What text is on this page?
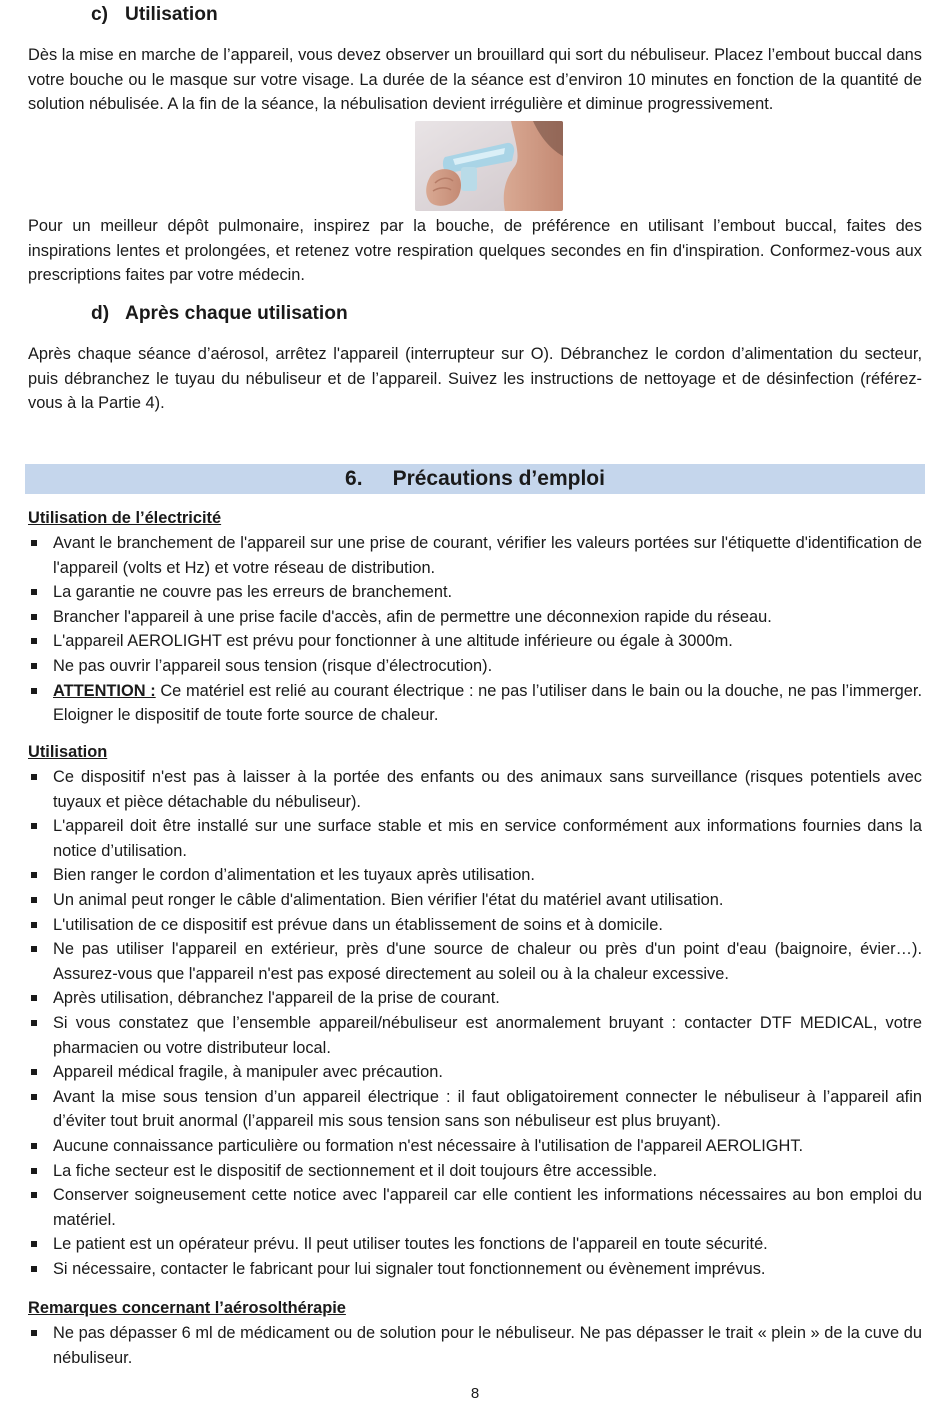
c) Utilisation

Dès la mise en marche de l’appareil, vous devez observer un brouillard qui sort du nébuliseur. Placez l’embout buccal dans votre bouche ou le masque sur votre visage. La durée de la séance est d’environ 10 minutes en fonction de la quantité de solution nébulisée. A la fin de la séance, la nébulisation devient irrégulière et diminue progressivement.

Pour un meilleur dépôt pulmonaire, inspirez par la bouche, de préférence en utilisant l’embout buccal, faites des inspirations lentes et prolongées, et retenez votre respiration quelques secondes en fin d'inspiration. Conformez-vous aux prescriptions faites par votre médecin.

d) Après chaque utilisation

Après chaque séance d’aérosol, arrêtez l'appareil (interrupteur sur O). Débranchez le cordon d’alimentation du secteur, puis débranchez le tuyau du nébuliseur et de l’appareil. Suivez les instructions de nettoyage et de désinfection (référez-vous à la Partie 4).

6. Précautions d’emploi
Utilisation de l’électricité
Avant le branchement de l'appareil sur une prise de courant, vérifier les valeurs portées sur l'étiquette d'identification de l'appareil (volts et Hz) et votre réseau de distribution.
La garantie ne couvre pas les erreurs de branchement.
Brancher l'appareil à une prise facile d'accès, afin de permettre une déconnexion rapide du réseau.
L'appareil AEROLIGHT est prévu pour fonctionner à une altitude inférieure ou égale à 3000m.
Ne pas ouvrir l’appareil sous tension (risque d’électrocution).
ATTENTION : Ce matériel est relié au courant électrique : ne pas l’utiliser dans le bain ou la douche, ne pas l’immerger. Eloigner le dispositif de toute forte source de chaleur.
Utilisation
Ce dispositif n'est pas à laisser à la portée des enfants ou des animaux sans surveillance (risques potentiels avec tuyaux et pièce détachable du nébuliseur).
L'appareil doit être installé sur une surface stable et mis en service conformément aux informations fournies dans la notice d’utilisation.
Bien ranger le cordon d’alimentation et les tuyaux après utilisation.
Un animal peut ronger le câble d'alimentation. Bien vérifier l'état du matériel avant utilisation.
L'utilisation de ce dispositif est prévue dans un établissement de soins et à domicile.
Ne pas utiliser l'appareil en extérieur, près d'une source de chaleur ou près d'un point d'eau (baignoire, évier…). Assurez-vous que l'appareil n'est pas exposé directement au soleil ou à la chaleur excessive.
Après utilisation, débranchez l'appareil de la prise de courant.
Si vous constatez que l’ensemble appareil/nébuliseur est anormalement bruyant : contacter DTF MEDICAL, votre pharmacien ou votre distributeur local.
Appareil médical fragile, à manipuler avec précaution.
Avant la mise sous tension d’un appareil électrique : il faut obligatoirement connecter le nébuliseur à l’appareil afin d’éviter tout bruit anormal (l’appareil mis sous tension sans son nébuliseur est plus bruyant).
Aucune connaissance particulière ou formation n'est nécessaire à l'utilisation de l'appareil AEROLIGHT.
La fiche secteur est le dispositif de sectionnement et il doit toujours être accessible.
Conserver soigneusement cette notice avec l'appareil car elle contient les informations nécessaires au bon emploi du matériel.
Le patient est un opérateur prévu. Il peut utiliser toutes les fonctions de l'appareil en toute sécurité.
Si nécessaire, contacter le fabricant pour lui signaler tout fonctionnement ou évènement imprévus.
Remarques concernant l’aérosolthérapie
Ne pas dépasser 6 ml de médicament ou de solution pour le nébuliseur. Ne pas dépasser le trait « plein » de la cuve du nébuliseur.
8
